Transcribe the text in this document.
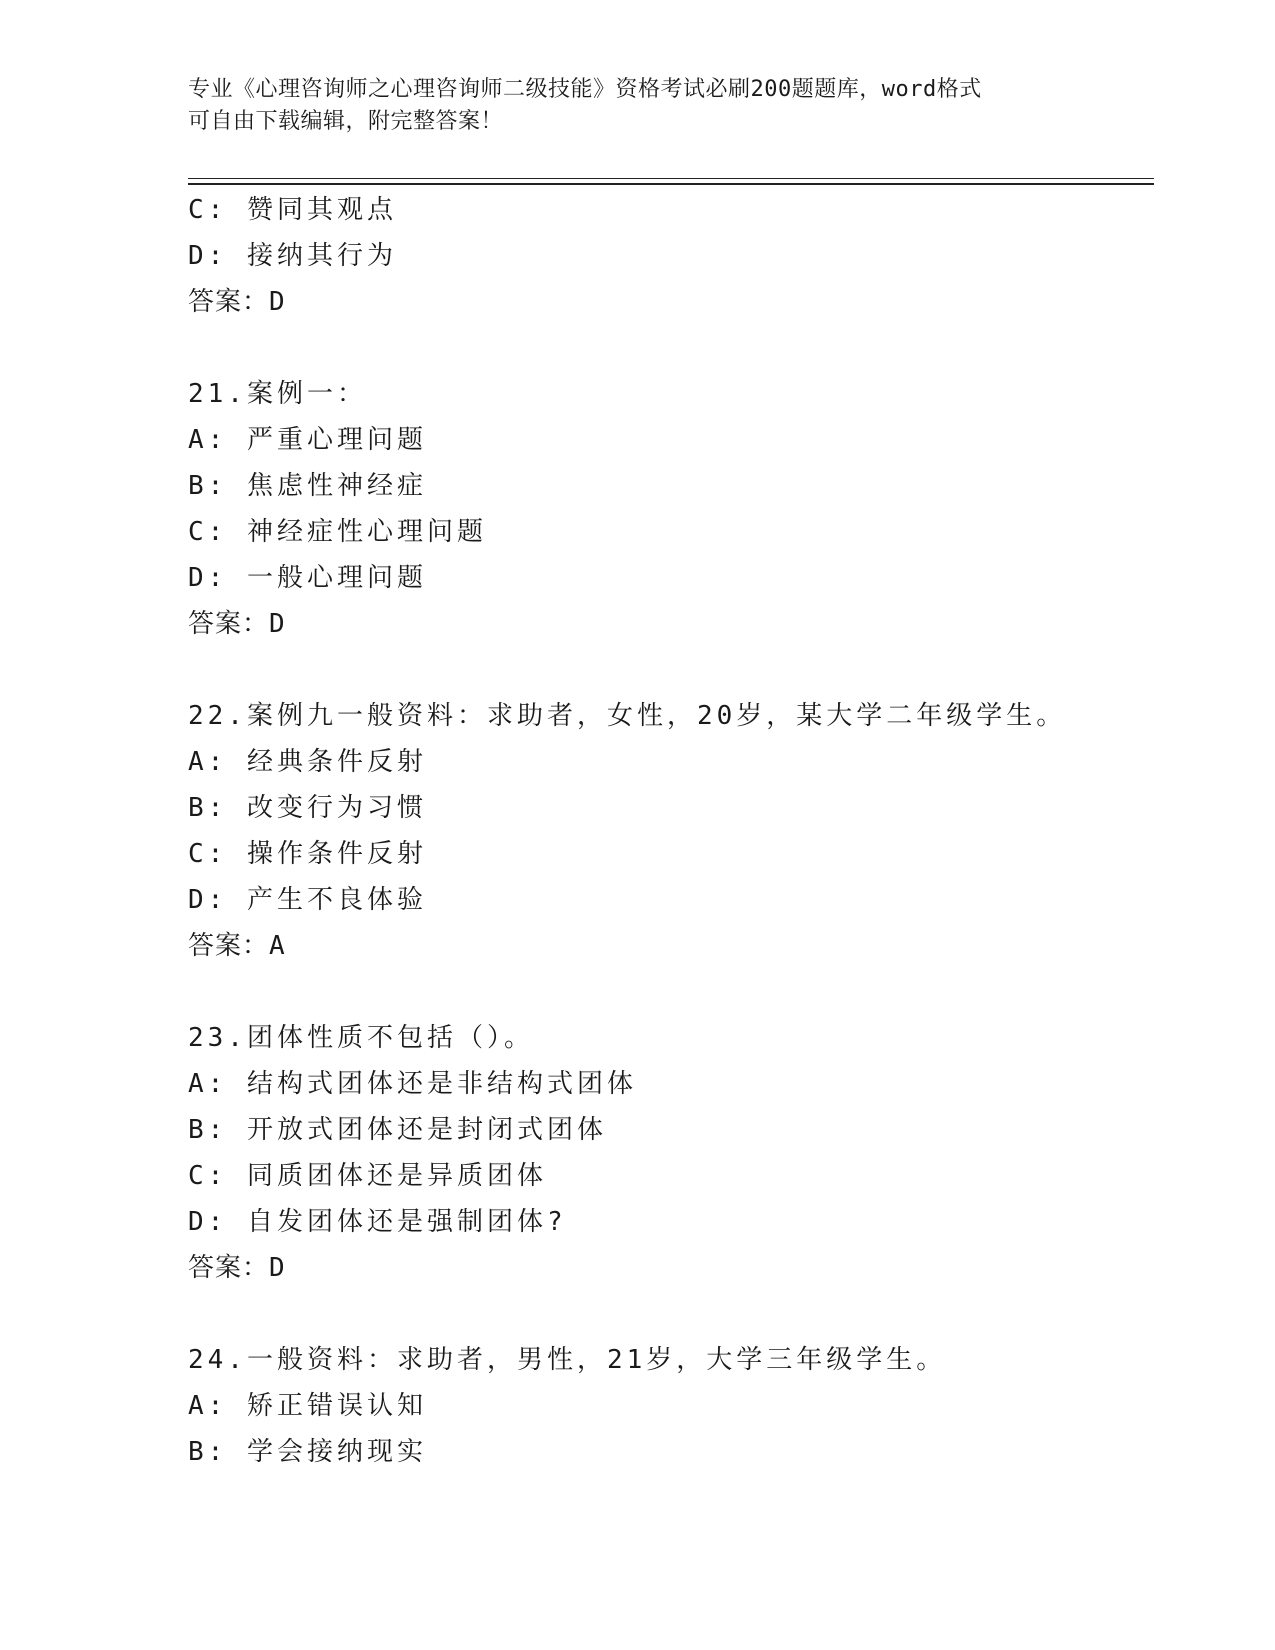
专业《心理咨询师之心理咨询师二级技能》资格考试必刷200题题库，word格式
可自由下载编辑，附完整答案！
C: 赞同其观点
D: 接纳其行为
答案：D
21.案例一：
A: 严重心理问题
B: 焦虑性神经症
C: 神经症性心理问题
D: 一般心理问题
答案：D
22.案例九一般资料：求助者，女性，20岁，某大学二年级学生。
A: 经典条件反射
B: 改变行为习惯
C: 操作条件反射
D: 产生不良体验
答案：A
23.团体性质不包括（）。
A: 结构式团体还是非结构式团体
B: 开放式团体还是封闭式团体
C: 同质团体还是异质团体
D: 自发团体还是强制团体?
答案：D
24.一般资料：求助者，男性，21岁，大学三年级学生。
A: 矫正错误认知
B: 学会接纳现实
